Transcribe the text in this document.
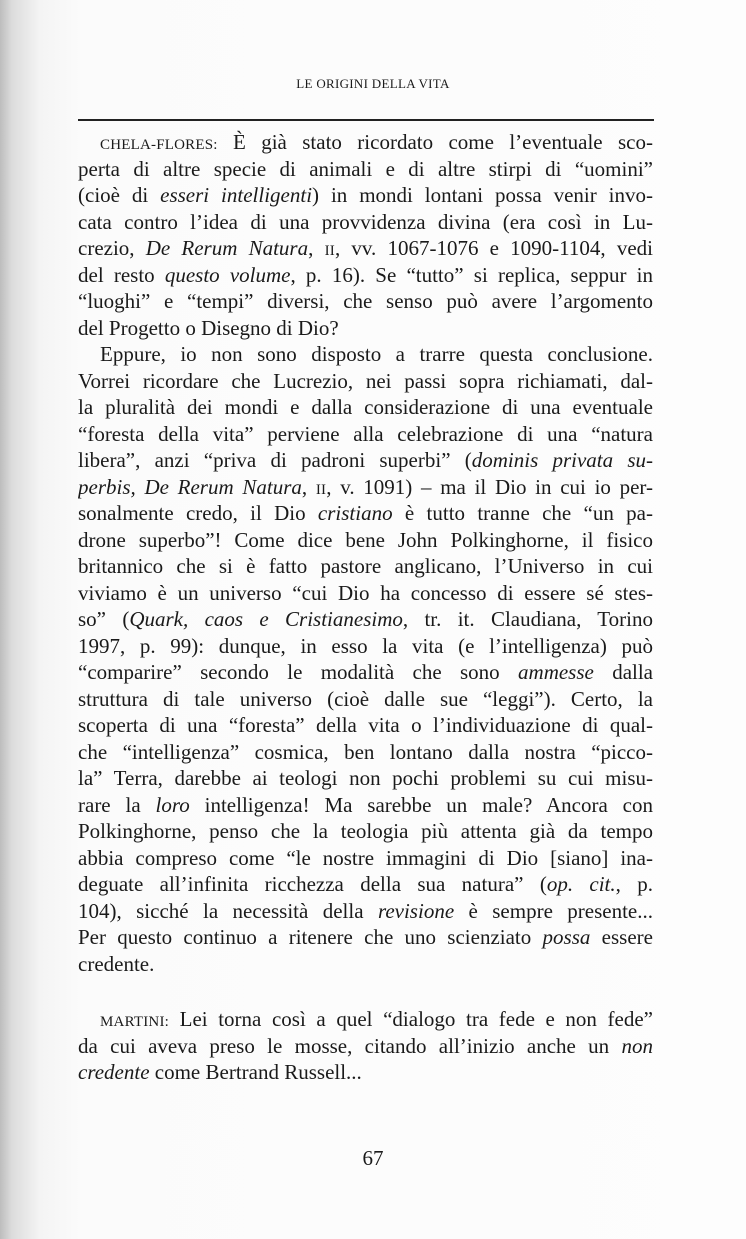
LE ORIGINI DELLA VITA
CHELA-FLORES: È già stato ricordato come l’eventuale sco-
perta di altre specie di animali e di altre stirpi di “uomini”
(cioè di esseri intelligenti) in mondi lontani possa venir invo-
cata contro l’idea di una provvidenza divina (era così in Lu-
crezio, De Rerum Natura, II, vv. 1067-1076 e 1090-1104, vedi
del resto questo volume, p. 16). Se “tutto” si replica, seppur in
“luoghi” e “tempi” diversi, che senso può avere l’argomento
del Progetto o Disegno di Dio?
Eppure, io non sono disposto a trarre questa conclusione.
Vorrei ricordare che Lucrezio, nei passi sopra richiamati, dal-
la pluralità dei mondi e dalla considerazione di una eventuale
“foresta della vita” perviene alla celebrazione di una “natura
libera”, anzi “priva di padroni superbi” (dominis privata su-
perbis, De Rerum Natura, II, v. 1091) – ma il Dio in cui io per-
sonalmente credo, il Dio cristiano è tutto tranne che “un pa-
drone superbo”! Come dice bene John Polkinghorne, il fisico
britannico che si è fatto pastore anglicano, l’Universo in cui
viviamo è un universo “cui Dio ha concesso di essere sé stes-
so” (Quark, caos e Cristianesimo, tr. it. Claudiana, Torino
1997, p. 99): dunque, in esso la vita (e l’intelligenza) può
“comparire” secondo le modalità che sono ammesse dalla
struttura di tale universo (cioè dalle sue “leggi”). Certo, la
scoperta di una “foresta” della vita o l’individuazione di qual-
che “intelligenza” cosmica, ben lontano dalla nostra “picco-
la” Terra, darebbe ai teologi non pochi problemi su cui misu-
rare la loro intelligenza! Ma sarebbe un male? Ancora con
Polkinghorne, penso che la teologia più attenta già da tempo
abbia compreso come “le nostre immagini di Dio [siano] ina-
deguate all’infinita ricchezza della sua natura” (op. cit., p.
104), sicché la necessità della revisione è sempre presente...
Per questo continuo a ritenere che uno scienziato possa essere
credente.
MARTINI: Lei torna così a quel “dialogo tra fede e non fede”
da cui aveva preso le mosse, citando all’inizio anche un non
credente come Bertrand Russell...
67
